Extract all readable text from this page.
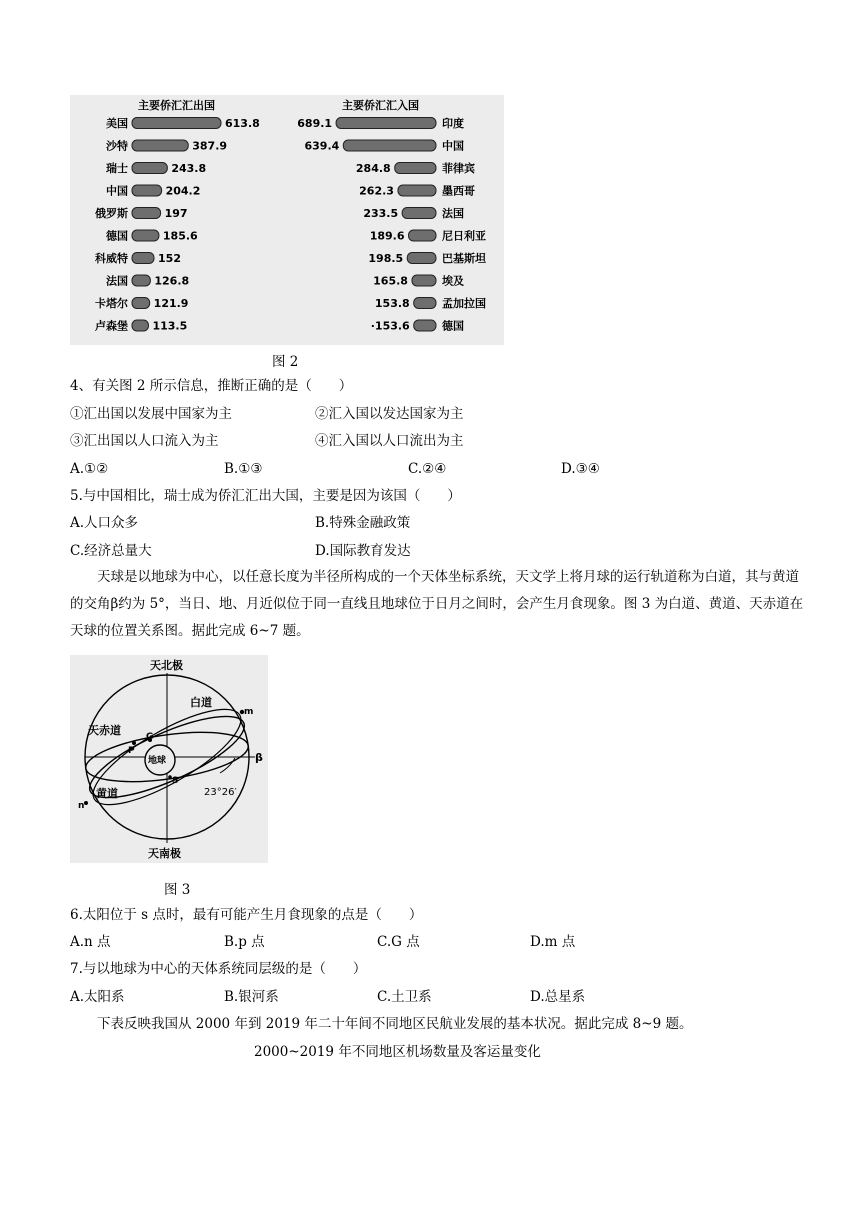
主要侨汇汇出国
美国	613.8
沙特	387.9
瑞士	243.8
中国	204.2
俄罗斯	197
德国	185.6
科威特	152
法国 126.8
卡塔尔 121.9
卢森堡 113.5
主要侨汇汇入国
689.1	印度
639.4	中国
284.8	菲律宾
262.3	墨西哥
233.5	法国
189.6	尼日利亚
198.5	巴基斯坦
165.8	埃及
153.8	孟加拉国
·153.6	德国
图 2
4、有关图 2 所示信息，推断正确的是（　　）
①汇出国以发展中国家为主	②汇入国以发达国家为主
③汇出国以人口流入为主	④汇入国以人口流出为主
A.①②	B.①③	C.②④	D.③④
5.与中国相比，瑞士成为侨汇汇出大国，主要是因为该国（　　）
A.人口众多	B.特殊金融政策
C.经济总量大	D.国际教育发达
天球是以地球为中心，以任意长度为半径所构成的一个天体坐标系统，天文学上将月球的运行轨道称为白道，其与黄道的交角β约为 5°，当日、地、月近似位于同一直线且地球位于日月之间时，会产生月食现象。图 3 为白道、黄道、天赤道在天球的位置关系图。据此完成 6~7 题。
天北极
天南极
白道
天赤道
黄道
地球
23°26′
β
m
P
G
n
S
图 3
6.太阳位于 s 点时，最有可能产生月食现象的点是（　　）
A.n 点	B.p 点	C.G 点	D.m 点
7.与以地球为中心的天体系统同层级的是（　　）
A.太阳系	B.银河系	C.土卫系	D.总星系
下表反映我国从 2000 年到 2019 年二十年间不同地区民航业发展的基本状况。据此完成 8~9 题。
2000~2019 年不同地区机场数量及客运量变化
